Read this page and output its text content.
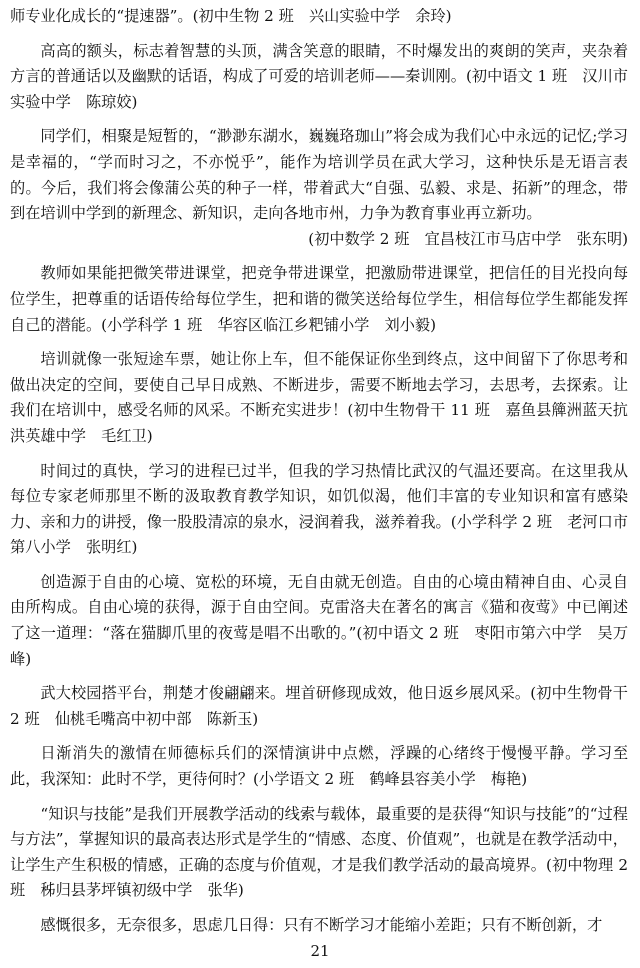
师专业化成长的“提速器”。(初中生物 2 班　兴山实验中学　余玲)

高高的额头，标志着智慧的头顶，满含笑意的眼睛，不时爆发出的爽朗的笑声，夹杂着方言的普通话以及幽默的话语，构成了可爱的培训老师——秦训刚。(初中语文 1 班　汉川市实验中学　陈琼姣)

同学们，相聚是短暂的，“渺渺东湖水，巍巍珞珈山”将会成为我们心中永远的记忆;学习是幸福的，“学而时习之，不亦悦乎”，能作为培训学员在武大学习，这种快乐是无语言表的。今后，我们将会像蒲公英的种子一样，带着武大“自强、弘毅、求是、拓新”的理念，带到在培训中学到的新理念、新知识，走向各地市州，力争为教育事业再立新功。
(初中数学 2 班　宜昌枝江市马店中学　张东明)

教师如果能把微笑带进课堂，把竞争带进课堂，把激励带进课堂，把信任的目光投向每位学生，把尊重的话语传给每位学生，把和谐的微笑送给每位学生，相信每位学生都能发挥自己的潜能。(小学科学 1 班　华容区临江乡粑铺小学　刘小毅)

培训就像一张短途车票，她让你上车，但不能保证你坐到终点，这中间留下了你思考和做出决定的空间，要使自己早日成熟、不断进步，需要不断地去学习，去思考，去探索。让我们在培训中，感受名师的风采。不断充实进步！(初中生物骨干 11 班　嘉鱼县簰洲蓝天抗洪英雄中学　毛红卫)

时间过的真快，学习的进程已过半，但我的学习热情比武汉的气温还要高。在这里我从每位专家老师那里不断的汲取教育教学知识，如饥似渴，他们丰富的专业知识和富有感染力、亲和力的讲授，像一股股清凉的泉水，浸润着我，滋养着我。(小学科学 2 班　老河口市第八小学　张明红)

创造源于自由的心境、宽松的环境，无自由就无创造。自由的心境由精神自由、心灵自由所构成。自由心境的获得，源于自由空间。克雷洛夫在著名的寓言《猫和夜莺》中已阐述了这一道理：“落在猫脚爪里的夜莺是唱不出歌的。”(初中语文 2 班　枣阳市第六中学　吴万峰)

武大校园搭平台，荆楚才俊翩翩来。埋首研修现成效，他日返乡展风采。(初中生物骨干 2 班　仙桃毛嘴高中初中部　陈新玉)

日渐消失的激情在师德标兵们的深情演讲中点燃，浮躁的心绪终于慢慢平静。学习至此，我深知：此时不学，更待何时？(小学语文 2 班　鹤峰县容美小学　梅艳)

“知识与技能”是我们开展教学活动的线索与载体，最重要的是获得“知识与技能”的“过程与方法”，掌握知识的最高表达形式是学生的“情感、态度、价值观”，也就是在教学活动中，让学生产生积极的情感，正确的态度与价值观，才是我们教学活动的最高境界。(初中物理 2 班　秭归县茅坪镇初级中学　张华)

感慨很多，无奈很多，思虑几日得：只有不断学习才能缩小差距；只有不断创新，才

21
